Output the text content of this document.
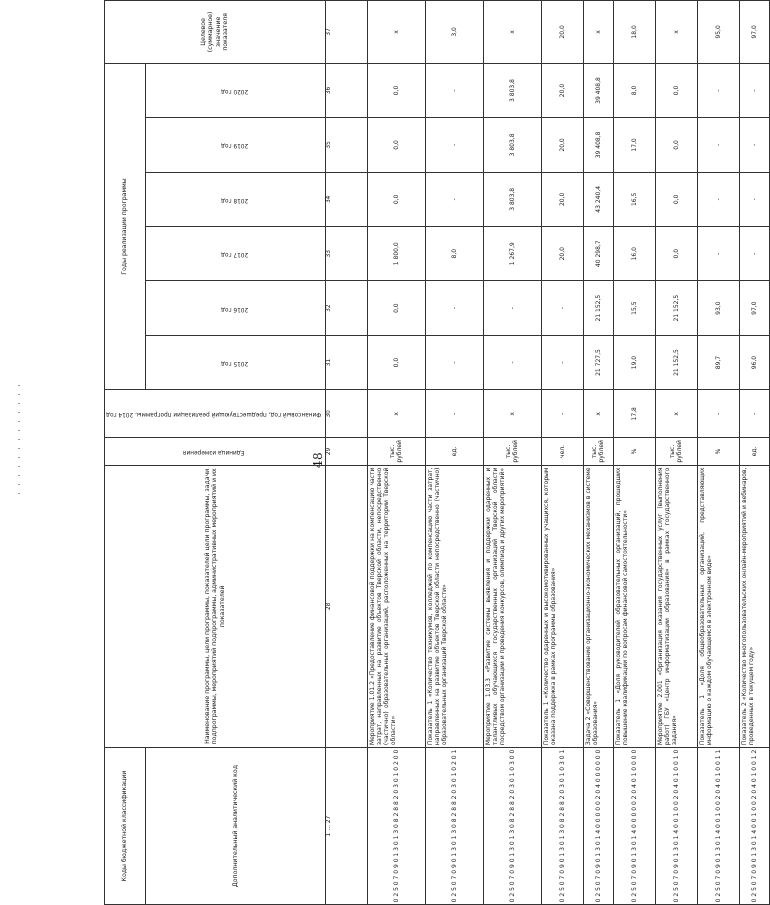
48
Коды бюджетной классификации	Наименование программы, цели программы, показателей цели программы, задачи подпрограммы, мероприятий подпрограммы, административных мероприятий и их показателей	Единица измерения	Финансовый год, предшествующий реализации программы, 2014 год	Годы реализации программы						Целевое (суммарное) значение показателя
Дополнительный аналитический код				2015 год	2016 год	2017 год	2018 год	2019 год	2020 год	
1 … 27	28	29	30	31	32	33	34	35	36	37
0 2 5 0 7 0 9 0 1 3 0 1 3 0 8 2 8 8 2 0 3 0 1 0 2 0 0	Мероприятие 1.01.2 «Предоставление финансовой поддержки на компенсацию части затрат, направленных на развитие объектов Тверской области, непосредственно (частично) образовательных организаций, расположенных на территории Тверской области»	тыс. рублей	х	0,0	0,0	1 800,0	0,0	0,0	0,0	х
0 2 5 0 7 0 9 0 1 3 0 1 3 0 8 2 8 8 2 0 3 0 1 0 2 0 1	Показатель 1 «Количество техникумов, колледжей по компенсацию части затрат, направленных на развитие объектов Тверской области непосредственно (частично) образовательных организаций Тверской области»	ед.	-	-	-	8,0	-	-	-	3,0
0 2 5 0 7 0 9 0 1 3 0 1 3 0 8 2 8 8 2 0 3 0 1 0 3 0 0	Мероприятие 1.03.3 «Развитие системы выявления и поддержки одаренных и талантливых обучающихся государственных организаций Тверской области посредством организации и проведения конкурсов, олимпиад и других мероприятий»	тыс. рублей	х	-	-	1 267,9	3 803,8	3 803,8	3 803,8	х
0 2 5 0 7 0 9 0 1 3 0 1 3 0 8 2 8 8 2 0 3 0 1 0 3 0 1	Показатель 1 «Количество одаренных и высокомотивированных учащихся, которым оказана поддержка в рамках программы образования»	чел.	-	-	-	20,0	20,0	20,0	20,0	20,0
0 2 5 0 7 0 9 0 1 3 0 1 4 0 0 0 0 0 2 0 4 0 0 0 0 0 0	Задача 2 «Совершенствование организационно-экономических механизмов в системе образования»	тыс. рублей	х	21 727,5	21 152,5	40 298,7	43 240,4	39 408,8	39 408,8	х
0 2 5 0 7 0 9 0 1 3 0 1 4 0 0 0 0 0 2 0 4 0 1 0 0 0 0	Показатель 1 «Доля руководителей образовательных организаций, прошедших повышение квалификации по вопросам финансовой самостоятельности»	%	17,8	19,0	15,5	16,0	16,5	17,0	8,0	18,0
0 2 5 0 7 0 9 0 1 3 0 1 4 0 0 1 0 0 2 0 4 0 1 0 0 1 0	Мероприятие 2.001 «Организация оказания государственных услуг (выполнения работ) ГБУ «Центр информатизации образования» в рамках государственного задания»	тыс. рублей	х	21 152,5	21 152,5	0,0	0,0	0,0	0,0	х
0 2 5 0 7 0 9 0 1 3 0 1 4 0 0 1 0 0 2 0 4 0 1 0 0 1 1	Показатель 1 «Доля общеобразовательных организаций, представляющих информацию о каждом обучающемся в электронном виде»	%	-	89,7	93,0	-	-	-	-	95,0
0 2 5 0 7 0 9 0 1 3 0 1 4 0 0 1 0 0 2 0 4 0 1 0 0 1 2	Показатель 2 «Количество многопользовательских онлайн-мероприятий и вебинаров, проведенных в текущем году»	ед.	-	96,0	97,0	-	-	-	-	97,0
